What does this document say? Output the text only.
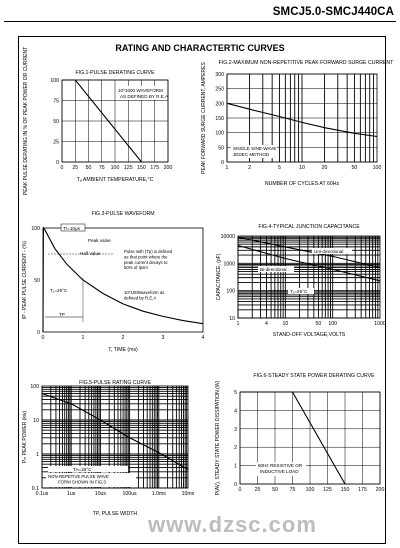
SMCJ5.0-SMCJ440CA
RATING AND CHARACTERTIC CURVES
FIG.1-PULSE DERATING CURVE
0 25 50 75 100 125 150 175 200
0
25
50
75
100
Tₐ AMBIENT TEMPERATURE,°C
PEAK PULSE DERATING IN % OF PEAK POWER OR CURRENT	10*1000 WAVEFORM
AS DEFINED BY R.E.A
FIG.2-MAXIMUM NON-REPETITIVE PEAK FORWARD SURGE CURRENT
1	2	5	10	20	50	100
0
50
100
150
200
250
300
NUMBER OF CYCLES AT 60Hz
PEAK FORWARD SURGE CURRENT, AMPERES	SINGLE SINE-WAVE
JEDEC METHOD
FIG.3-PULSE WAVEFORM
0	1	2	3	4
0
50
100
T, TIME (ms)
IP - PEAK PULSE CURRENT - (%)
Tr=10μs
Peak value
Half value	Pulse with (Tp) is defined as that point where the peak current decays to 50% of Ipsm
T₁=25°C	10*1000waveform as defined by R.E.A
TP
FIG.4-TYPICAL JUNCTION CAPACITANCE
1	4	10	50 100	1000
10
100
1000
10000
STAND-OFF VOLTAGE,VOLTS
CAPACITANCE, (pF)
Uni-directional
Bi-directional
T₁=25°C
FIG.5-PULSE RATING CURVE
0.1us	1us	10us	100us	1.0ms	10ms
0.1
1
10
100
TP, PULSE WIDTH
Pₘ PEAK POWER (kw)
TA=25°C
NON-REPETIVE PULSE WAVE FORM SHOWN IN FIG.3
FIG.6-STEADY STATE POWER DERATING CURVE
0	25 50 75 100 125 150 175 200
0
1
2
3
4
5
P(AV), STEADY STATE POWER DISSIPATION (W)	60Hz RESISTIVE OR
INDUCTIVE LOAD
www.dzsc.com
